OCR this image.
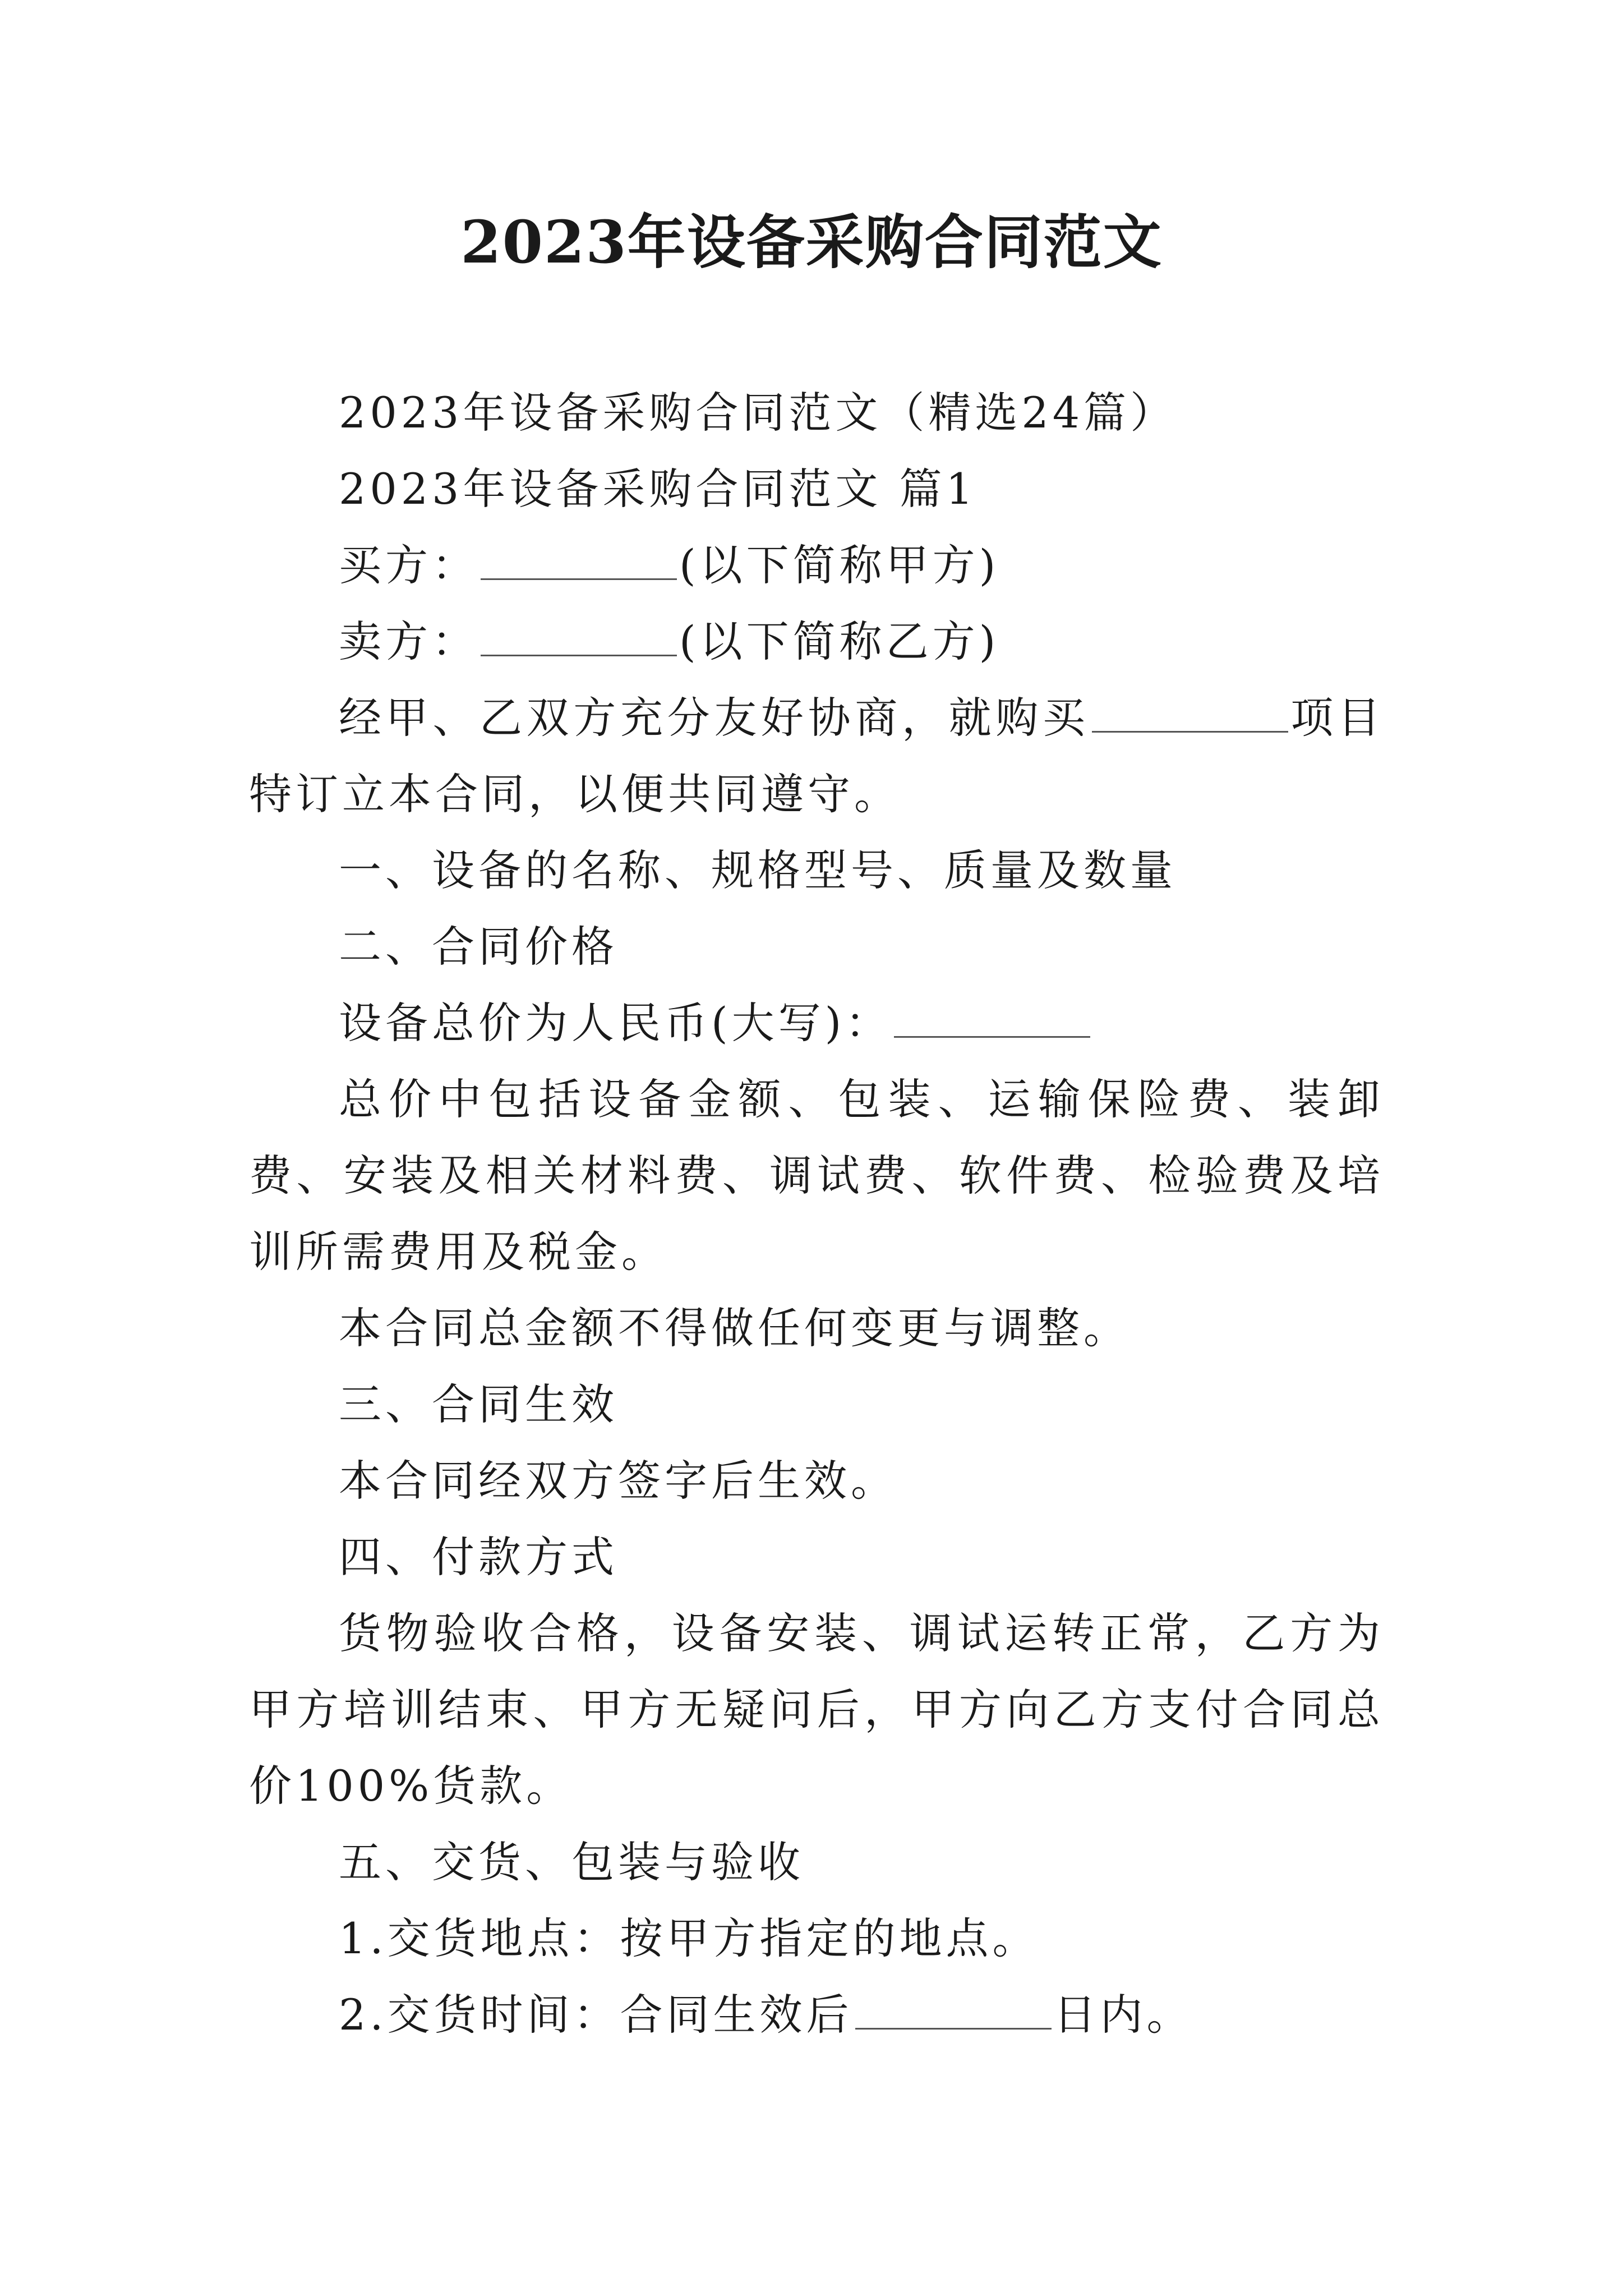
2023年设备采购合同范文

2023年设备采购合同范文（精选24篇）

2023年设备采购合同范文 篇1

买方：	(以下简称甲方)

卖方：	(以下简称乙方)

经甲、乙双方充分友好协商，就购买	项目特订立本合同，以便共同遵守。

一、设备的名称、规格型号、质量及数量

二、合同价格

设备总价为人民币(大写)：

总价中包括设备金额、包装、运输保险费、装卸费、安装及相关材料费、调试费、软件费、检验费及培训所需费用及税金。

本合同总金额不得做任何变更与调整。

三、合同生效

本合同经双方签字后生效。

四、付款方式

货物验收合格，设备安装、调试运转正常，乙方为甲方培训结束、甲方无疑问后，甲方向乙方支付合同总价100%货款。

五、交货、包装与验收

1.交货地点：按甲方指定的地点。

2.交货时间：合同生效后	日内。
